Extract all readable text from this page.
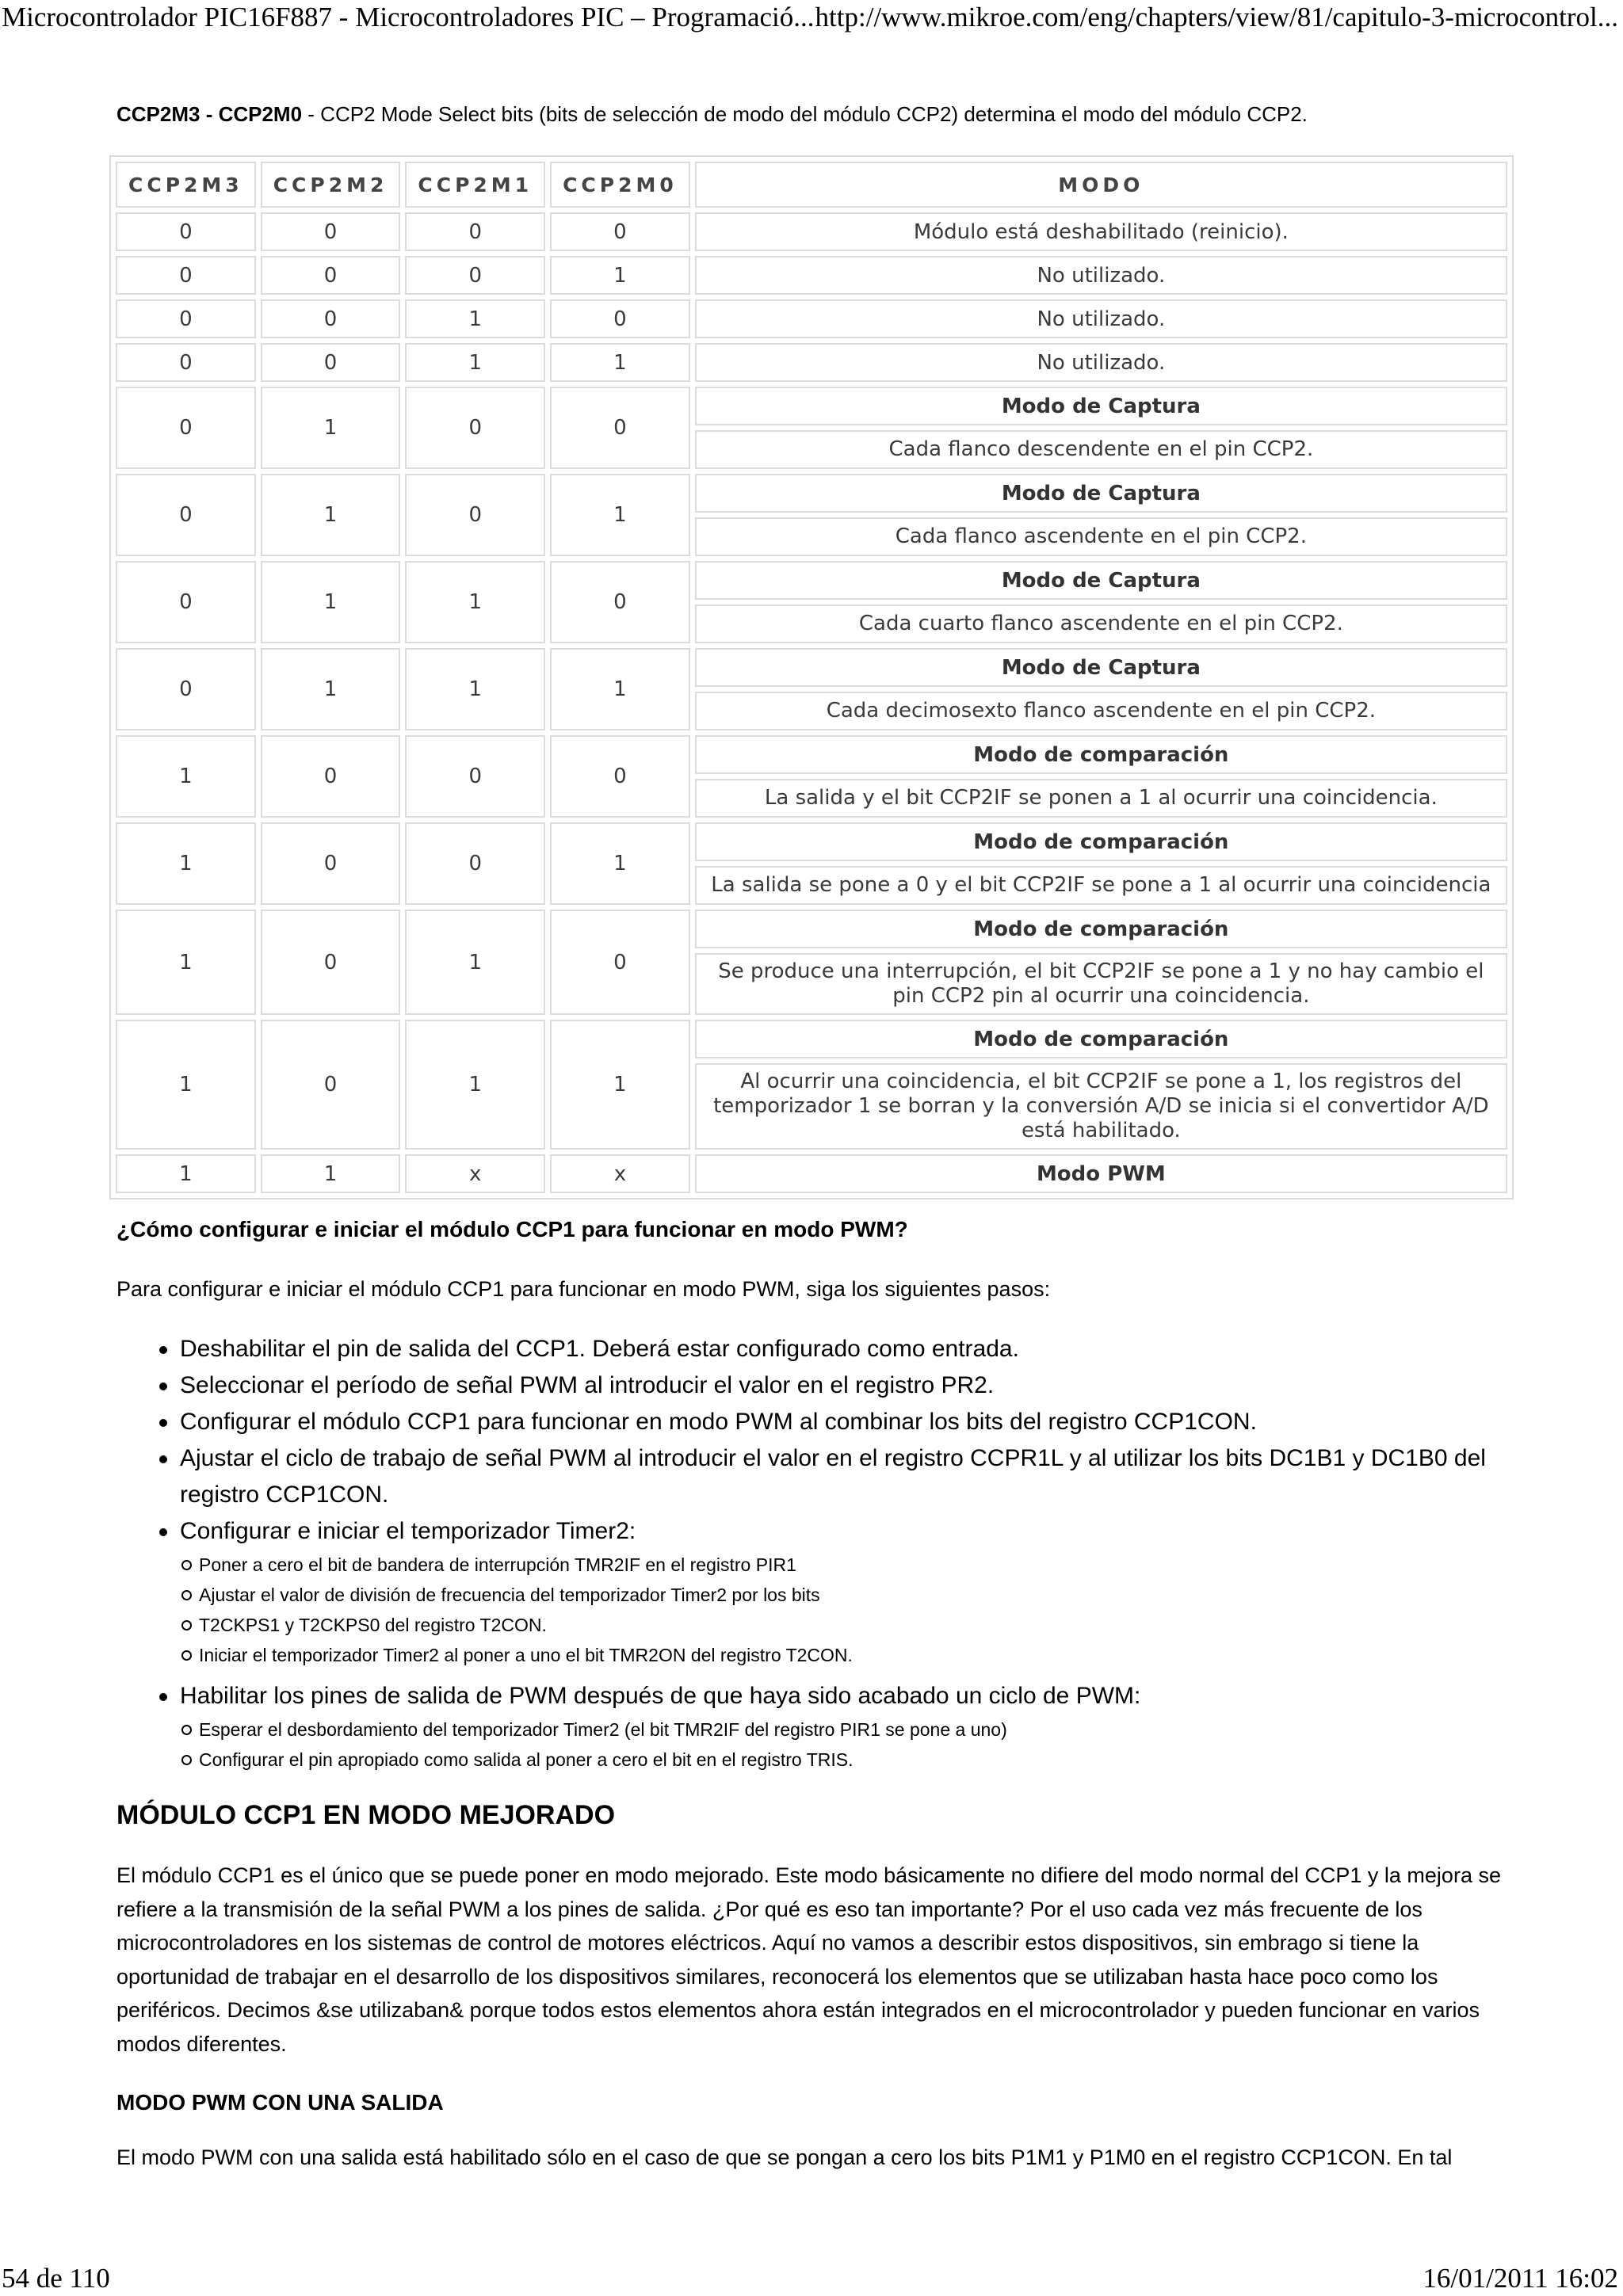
Microcontrolador PIC16F887 - Microcontroladores PIC – Programació... http://www.mikroe.com/eng/chapters/view/81/capitulo-3-microcontrol...

CCP2M3 - CCP2M0 - CCP2 Mode Select bits (bits de selección de modo del módulo CCP2) determina el modo del módulo CCP2.

CCP2M3	CCP2M2	CCP2M1	CCP2M0	MODO
0	0	0	0	Módulo está deshabilitado (reinicio).
0	0	0	1	No utilizado.
0	0	1	0	No utilizado.
0	0	1	1	No utilizado.
0	1	0	0	Modo de Captura
				Cada flanco descendente en el pin CCP2.
0	1	0	1	Modo de Captura
				Cada flanco ascendente en el pin CCP2.
0	1	1	0	Modo de Captura
				Cada cuarto flanco ascendente en el pin CCP2.
0	1	1	1	Modo de Captura
				Cada decimosexto flanco ascendente en el pin CCP2.
1	0	0	0	Modo de comparación
				La salida y el bit CCP2IF se ponen a 1 al ocurrir una coincidencia.
1	0	0	1	Modo de comparación
				La salida se pone a 0 y el bit CCP2IF se pone a 1 al ocurrir una coincidencia
1	0	1	0	Modo de comparación
				Se produce una interrupción, el bit CCP2IF se pone a 1 y no hay cambio el pin CCP2 pin al ocurrir una coincidencia.
1	0	1	1	Modo de comparación
				Al ocurrir una coincidencia, el bit CCP2IF se pone a 1, los registros del temporizador 1 se borran y la conversión A/D se inicia si el convertidor A/D está habilitado.
1	1	x	x	Modo PWM
¿Cómo configurar e iniciar el módulo CCP1 para funcionar en modo PWM?
Para configurar e iniciar el módulo CCP1 para funcionar en modo PWM, siga los siguientes pasos:
Deshabilitar el pin de salida del CCP1. Deberá estar configurado como entrada.
Seleccionar el período de señal PWM al introducir el valor en el registro PR2.
Configurar el módulo CCP1 para funcionar en modo PWM al combinar los bits del registro CCP1CON.
Ajustar el ciclo de trabajo de señal PWM al introducir el valor en el registro CCPR1L y al utilizar los bits DC1B1 y DC1B0 del registro CCP1CON.
Configurar e iniciar el temporizador Timer2:
Poner a cero el bit de bandera de interrupción TMR2IF en el registro PIR1
Ajustar el valor de división de frecuencia del temporizador Timer2 por los bits
T2CKPS1 y T2CKPS0 del registro T2CON.
Iniciar el temporizador Timer2 al poner a uno el bit TMR2ON del registro T2CON.
Habilitar los pines de salida de PWM después de que haya sido acabado un ciclo de PWM:
Esperar el desbordamiento del temporizador Timer2 (el bit TMR2IF del registro PIR1 se pone a uno)
Configurar el pin apropiado como salida al poner a cero el bit en el registro TRIS.
MÓDULO CCP1 EN MODO MEJORADO
El módulo CCP1 es el único que se puede poner en modo mejorado. Este modo básicamente no difiere del modo normal del CCP1 y la mejora se refiere a la transmisión de la señal PWM a los pines de salida. ¿Por qué es eso tan importante? Por el uso cada vez más frecuente de los microcontroladores en los sistemas de control de motores eléctricos. Aquí no vamos a describir estos dispositivos, sin embrago si tiene la oportunidad de trabajar en el desarrollo de los dispositivos similares, reconocerá los elementos que se utilizaban hasta hace poco como los periféricos. Decimos &se utilizaban& porque todos estos elementos ahora están integrados en el microcontrolador y pueden funcionar en varios modos diferentes.
MODO PWM CON UNA SALIDA
El modo PWM con una salida está habilitado sólo en el caso de que se pongan a cero los bits P1M1 y P1M0 en el registro CCP1CON. En tal
54 de 110	16/01/2011 16:02
